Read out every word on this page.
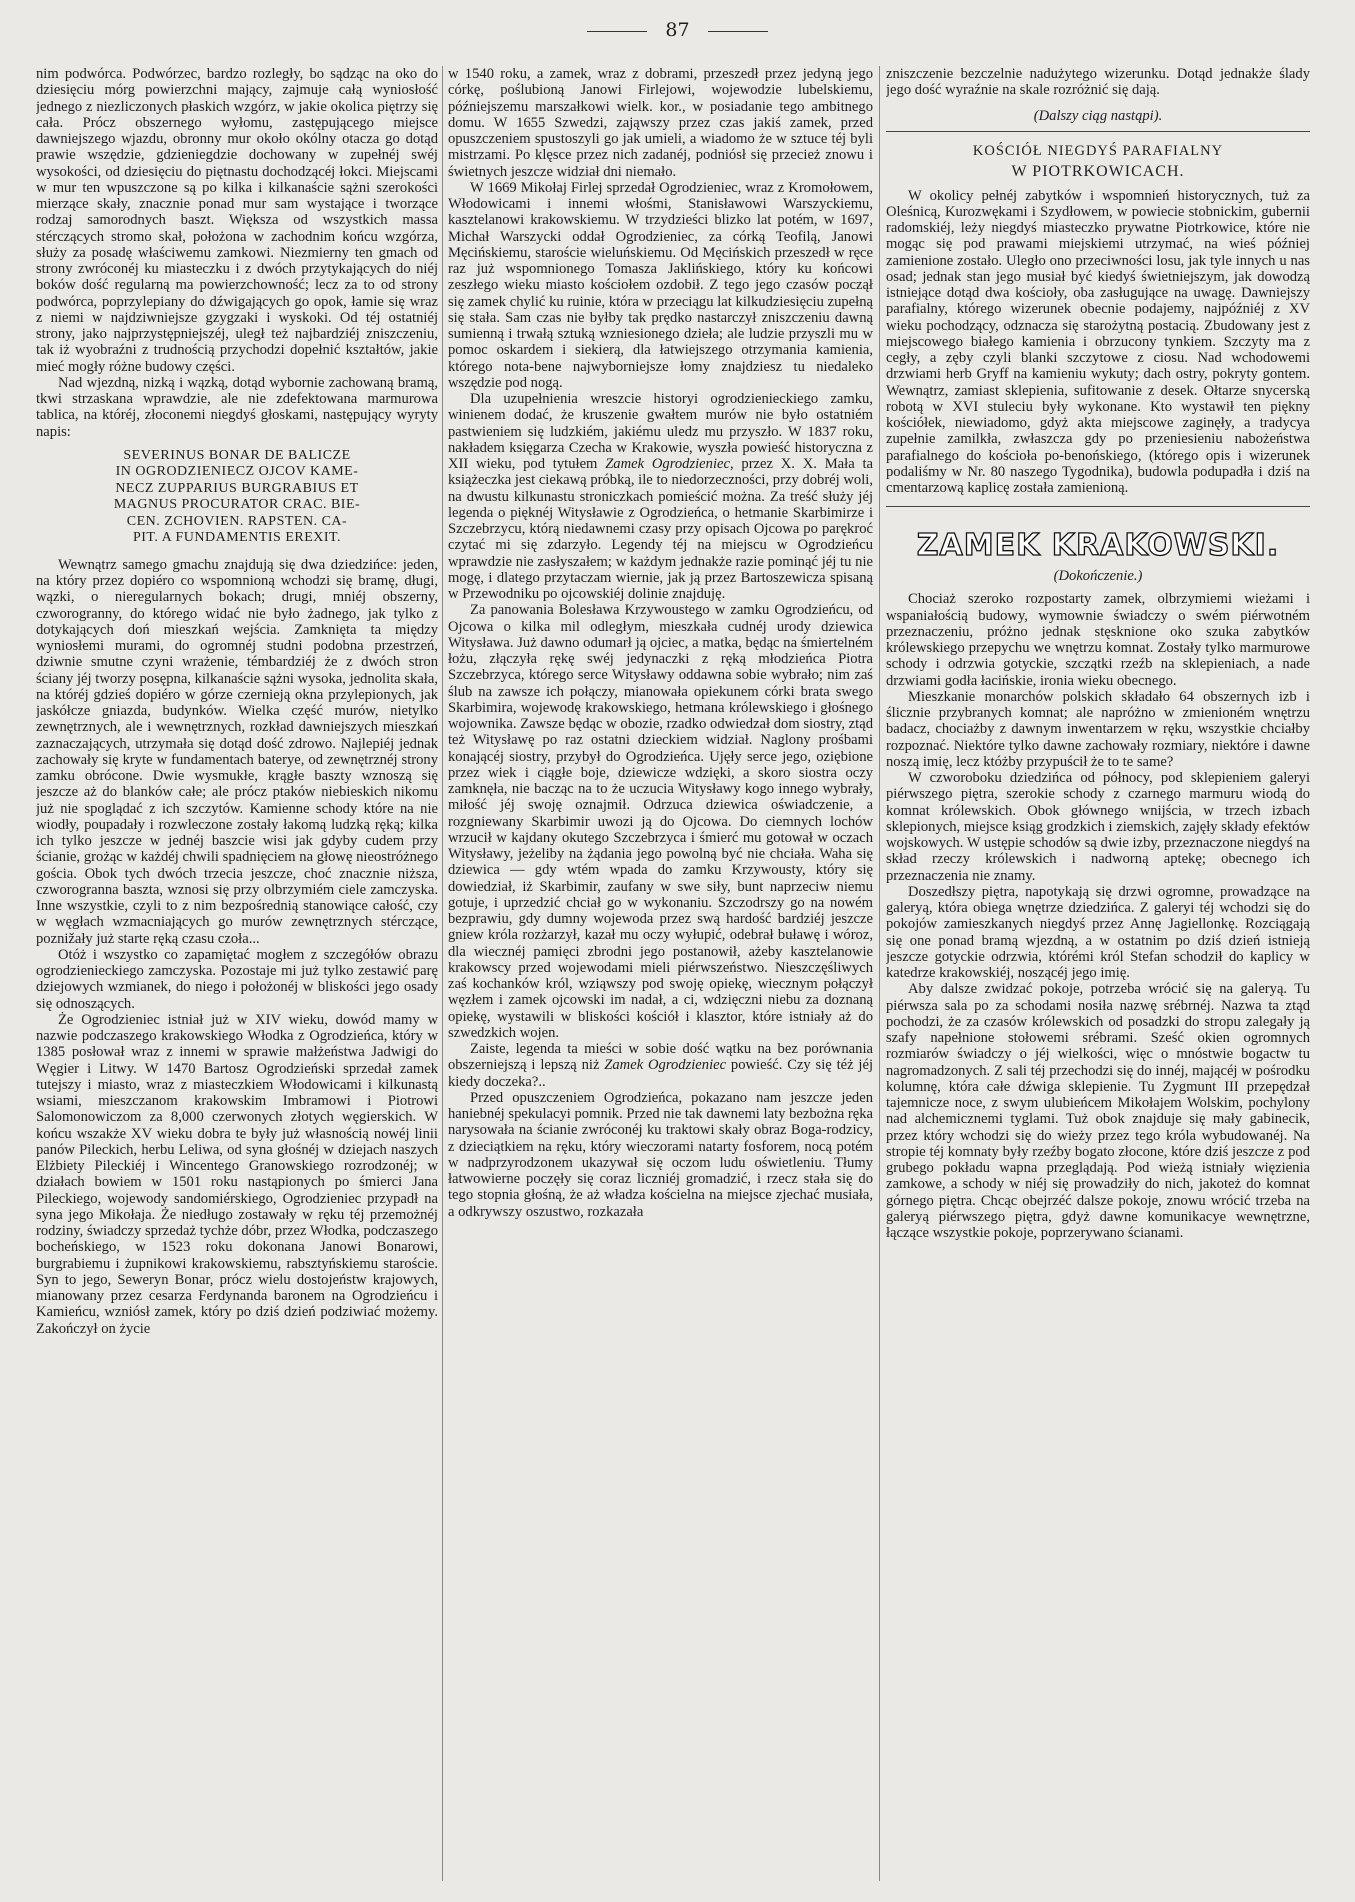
87

nim podwórca. Podwórzec, bardzo rozległy, bo sądząc na oko do dziesięciu mórg powierzchni mający, zajmuje całą wyniosłość jednego z niezliczonych płaskich wzgórz, w jakie okolica piętrzy się cała. Prócz obszernego wyłomu, zastępującego miejsce dawniejszego wjazdu, obronny mur około okólny otacza go dotąd prawie wszędzie, gdzieniegdzie dochowany w zupełnéj swéj wysokości, od dziesięciu do piętnastu dochodzącéj łokci. Miejscami w mur ten wpuszczone są po kilka i kilkanaście sążni szerokości mierzące skały, znacznie ponad mur sam wystające i tworzące rodzaj samorodnych baszt. Większa od wszystkich massa stérczących stromo skał, położona w zachodnim końcu wzgórza, służy za posadę właściwemu zamkowi. Niezmierny ten gmach od strony zwróconéj ku miasteczku i z dwóch przytykających do niéj boków dość regularną ma powierzchowność; lecz za to od strony podwórca, poprzylepiany do dźwigających go opok, łamie się wraz z niemi w najdziwniejsze gzygzaki i wyskoki. Od téj ostatniéj strony, jako najprzystępniejszéj, uległ też najbardziéj zniszczeniu, tak iż wyobraźni z trudnością przychodzi dopełnić kształtów, jakie mieć mogły różne budowy części.

Nad wjezdną, nizką i wązką, dotąd wybornie zachowaną bramą, tkwi strzaskana wprawdzie, ale nie zdefektowana marmurowa tablica, na któréj, złoconemi niegdyś głoskami, następujący wyryty napis:

SEVERINUS BONAR DE BALICZE
IN OGRODZIENIECZ OJCOV KAME-
NECZ ZUPPARIUS BURGRABIUS ET
MAGNUS PROCURATOR CRAC. BIE-
CEN. ZCHOVIEN. RAPSTEN. CA-
PIT. A FUNDAMENTIS EREXIT.

Wewnątrz samego gmachu znajdują się dwa dziedzińce: jeden, na który przez dopiéro co wspomnioną wchodzi się bramę, długi, wązki, o nieregularnych bokach; drugi, mniéj obszerny, czworogranny, do którego widać nie było żadnego, jak tylko z dotykających doń mieszkań wejścia. Zamknięta ta między wyniosłemi murami, do ogromnéj studni podobna przestrzeń, dziwnie smutne czyni wrażenie, témbardziéj że z dwóch stron ściany jéj tworzy posępna, kilkanaście sążni wysoka, jednolita skała, na któréj gdzieś dopiéro w górze czernieją okna przylepionych, jak jaskółcze gniazda, budynków. Wielka część murów, nietylko zewnętrznych, ale i wewnętrznych, rozkład dawniejszych mieszkań zaznaczających, utrzymała się dotąd dość zdrowo. Najlepiéj jednak zachowały się kryte w fundamentach baterye, od zewnętrznéj strony zamku obrócone. Dwie wysmukłe, krągłe baszty wznoszą się jeszcze aż do blanków całe; ale prócz ptaków niebieskich nikomu już nie spoglądać z ich szczytów. Kamienne schody które na nie wiodły, poupadały i rozwleczone zostały łakomą ludzką ręką; kilka ich tylko jeszcze w jednéj baszcie wisi jak gdyby cudem przy ścianie, grożąc w każdéj chwili spadnięciem na głowę nieostróżnego gościa. Obok tych dwóch trzecia jeszcze, choć znacznie niższa, czworogranna baszta, wznosi się przy olbrzymiém ciele zamczyska. Inne wszystkie, czyli to z nim bezpośrednią stanowiące całość, czy w węgłach wzmacniających go murów zewnętrznych stérczące, poznižały już starte ręką czasu czoła...

Otóż i wszystko co zapamiętać mogłem z szczegółów obrazu ogrodzienieckiego zamczyska. Pozostaje mi już tylko zestawić parę dziejowych wzmianek, do niego i położonéj w bliskości jego osady się odnoszących.

Że Ogrodzieniec istniał już w XIV wieku, dowód mamy w nazwie podczaszego krakowskiego Włodka z Ogrodzieńca, który w 1385 posłował wraz z innemi w sprawie małżeństwa Jadwigi do Węgier i Litwy. W 1470 Bartosz Ogrodzieński sprzedał zamek tutejszy i miasto, wraz z miasteczkiem Włodowicami i kilkunastą wsiami, mieszczanom krakowskim Imbramowi i Piotrowi Salomonowiczom za 8,000 czerwonych złotych węgierskich. W końcu wszakże XV wieku dobra te były już własnością nowéj linii panów Pileckich, herbu Leliwa, od syna głośnéj w dziejach naszych Elżbiety Pileckiéj i Wincentego Granowskiego rozrodzonéj; w działach bowiem w 1501 roku nastąpionych po śmierci Jana Pileckiego, wojewody sandomiérskiego, Ogrodzieniec przypadł na syna jego Mikołaja. Że niedługo zostawały w ręku téj przemożnéj rodziny, świadczy sprzedaż tychże dóbr, przez Włodka, podczaszego bocheńskiego, w 1523 roku dokonana Janowi Bonarowi, burgrabiemu i żupnikowi krakowskiemu, rabsztyńskiemu staroście. Syn to jego, Seweryn Bonar, prócz wielu dostojeństw krajowych, mianowany przez cesarza Ferdynanda baronem na Ogrodzieńcu i Kamieńcu, wzniósł zamek, który po dziś dzień podziwiać możemy. Zakończył on życie

w 1540 roku, a zamek, wraz z dobrami, przeszedł przez jedyną jego córkę, poślubioną Janowi Firlejowi, wojewodzie lubelskiemu, późniejszemu marszałkowi wielk. kor., w posiadanie tego ambitnego domu. W 1655 Szwedzi, zająwszy przez czas jakiś zamek, przed opuszczeniem spustoszyli go jak umieli, a wiadomo że w sztuce téj byli mistrzami. Po klęsce przez nich zadanéj, podniósł się przecież znowu i świetnych jeszcze widział dni niemało.

W 1669 Mikołaj Firlej sprzedał Ogrodzieniec, wraz z Kromołowem, Włodowicami i innemi włośmi, Stanisławowi Warszyckiemu, kasztelanowi krakowskiemu. W trzydzieści blizko lat potém, w 1697, Michał Warszycki oddał Ogrodzieniec, za córką Teofilą, Janowi Męcińskiemu, staroście wieluńskiemu. Od Męcińskich przeszedł w ręce raz już wspomnionego Tomasza Jaklińskiego, który ku końcowi zeszłego wieku miasto kościołem ozdobił. Z tego jego czasów począł się zamek chylić ku ruinie, która w przeciągu lat kilkudziesięciu zupełną się stała. Sam czas nie byłby tak prędko nastarczył zniszczeniu dawną sumienną i trwałą sztuką wzniesionego dzieła; ale ludzie przyszli mu w pomoc oskardem i siekierą, dla łatwiejszego otrzymania kamienia, którego nota-bene najwyborniejsze łomy znajdziesz tu niedaleko wszędzie pod nogą.

Dla uzupełnienia wreszcie historyi ogrodzienieckiego zamku, winienem dodać, że kruszenie gwałtem murów nie było ostatniém pastwieniem się ludzkiém, jakiému uledz mu przyszło. W 1837 roku, nakładem księgarza Czecha w Krakowie, wyszła powieść historyczna z XII wieku, pod tytułem Zamek Ogrodzieniec, przez X. X. Mała ta książeczka jest ciekawą próbką, ile to niedorzeczności, przy dobréj woli, na dwustu kilkunastu stroniczkach pomieścić można. Za treść służy jéj legenda o pięknéj Witysławie z Ogrodzieńca, o hetmanie Skarbimirze i Szczebrzycu, którą niedawnemi czasy przy opisach Ojcowa po parękroć czytać mi się zdarzyło. Legendy téj na miejscu w Ogrodzieńcu wprawdzie nie zasłyszałem; w każdym jednakże razie pominąć jéj tu nie mogę, i dlatego przytaczam wiernie, jak ją przez Bartoszewicza spisaną w Przewodniku po ojcowskiéj dolinie znajduję.

Za panowania Bolesława Krzywoustego w zamku Ogrodzieńcu, od Ojcowa o kilka mil odległym, mieszkała cudnéj urody dziewica Witysława. Już dawno odumarł ją ojciec, a matka, będąc na śmiertelném łożu, złączyła rękę swéj jedynaczki z ręką młodzieńca Piotra Szczebrzyca, którego serce Witysławy oddawna sobie wybrało; nim zaś ślub na zawsze ich połączy, mianowała opiekunem córki brata swego Skarbimira, wojewodę krakowskiego, hetmana królewskiego i głośnego wojownika. Zawsze będąc w obozie, rzadko odwiedzał dom siostry, ztąd też Witysławę po raz ostatni dzieckiem widział. Naglony prośbami konającéj siostry, przybył do Ogrodzieńca. Ujęły serce jego, oziębione przez wiek i ciągłe boje, dziewicze wdzięki, a skoro siostra oczy zamknęła, nie bacząc na to że uczucia Witysławy kogo innego wybrały, miłość jéj swoję oznajmił. Odrzuca dziewica oświadczenie, a rozgniewany Skarbimir uwozi ją do Ojcowa. Do ciemnych lochów wrzucił w kajdany okutego Szczebrzyca i śmierć mu gotował w oczach Witysławy, jeżeliby na żądania jego powolną być nie chciała. Waha się dziewica — gdy wtém wpada do zamku Krzywousty, który się dowiedział, iż Skarbimir, zaufany w swe siły, bunt naprzeciw niemu gotuje, i uprzedzić chciał go w wykonaniu. Szczodrszy go na nowém bezprawiu, gdy dumny wojewoda przez swą hardość bardziéj jeszcze gniew króla rozżarzył, kazał mu oczy wyłupić, odebrał buławę i wóroz, dla wiecznéj pamięci zbrodni jego postanowił, ażeby kasztelanowie krakowscy przed wojewodami mieli piérwszeństwo. Nieszczęśliwych zaś kochanków król, wziąwszy pod swoję opiekę, wiecznym połączył węzłem i zamek ojcowski im nadał, a ci, wdzięczni niebu za doznaną opiekę, wystawili w bliskości kościół i klasztor, które istniały aż do szwedzkich wojen.

Zaiste, legenda ta mieści w sobie dość wątku na bez porównania obszerniejszą i lepszą niż Zamek Ogrodzieniec powieść. Czy się téż jéj kiedy doczeka?..

Przed opuszczeniem Ogrodzieńca, pokazano nam jeszcze jeden haniebnéj spekulacyi pomnik. Przed nie tak dawnemi laty bezbożna ręka narysowała na ścianie zwróconéj ku traktowi skały obraz Boga-rodzicy, z dzieciątkiem na ręku, który wieczorami natarty fosforem, nocą potém w nadprzyrodzonem ukazywał się oczom ludu oświetleniu. Tłumy łatwowierne poczęły się coraz liczniéj gromadzić, i rzecz stała się do tego stopnia głośną, że aż władza kościelna na miejsce zjechać musiała, a odkrywszy oszustwo, rozkazała

zniszczenie bezczelnie nadużytego wizerunku. Dotąd jednakże ślady jego dość wyraźnie na skale rozróżnić się dają.

(Dalszy ciąg nastąpi).
KOŚCIÓŁ NIEGDYŚ PARAFIALNY
W PIOTRKOWICACH.

W okolicy pełnéj zabytków i wspomnień historycznych, tuż za Oleśnicą, Kurozwękami i Szydłowem, w powiecie stobnickim, gubernii radomskiéj, leży niegdyś miasteczko prywatne Piotrkowice, które nie mogąc się pod prawami miejskiemi utrzymać, na wieś później zamienione zostało. Uległo ono przeciwności losu, jak tyle innych u nas osad; jednak stan jego musiał być kiedyś świetniejszym, jak dowodzą istniejące dotąd dwa kościoły, oba zasługujące na uwagę. Dawniejszy parafialny, którego wizerunek obecnie podajemy, najpóźniéj z XV wieku pochodzący, odznacza się starożytną postacią. Zbudowany jest z miejscowego białego kamienia i obrzucony tynkiem. Szczyty ma z cegły, a zęby czyli blanki szczytowe z ciosu. Nad wchodowemi drzwiami herb Gryff na kamieniu wykuty; dach ostry, pokryty gontem. Wewnątrz, zamiast sklepienia, sufitowanie z desek. Ołtarze snycerską robotą w XVI stuleciu były wykonane. Kto wystawił ten piękny kościółek, niewiadomo, gdyż akta miejscowe zaginęły, a tradycya zupełnie zamilkła, zwłaszcza gdy po przeniesieniu nabożeństwa parafialnego do kościoła po-benońskiego, (którego opis i wizerunek podaliśmy w Nr. 80 naszego Tygodnika), budowla podupadła i dziś na cmentarzową kaplicę została zamienioną.

ZAMEK KRAKOWSKI.
(Dokończenie.)

Chociaż szeroko rozpostarty zamek, olbrzymiemi wieżami i wspaniałością budowy, wymownie świadczy o swém piérwotném przeznaczeniu, próżno jednak stęsknione oko szuka zabytków królewskiego przepychu we wnętrzu komnat. Zostały tylko marmurowe schody i odrzwia gotyckie, szczątki rzeźb na sklepieniach, a nade drzwiami godła łacińskie, ironia wieku obecnego.

Mieszkanie monarchów polskich składało 64 obszernych izb i ślicznie przybranych komnat; ale napróżno w zmienioném wnętrzu badacz, chociażby z dawnym inwentarzem w ręku, wszystkie chciałby rozpoznać. Niektóre tylko dawne zachowały rozmiary, niektóre i dawne noszą imię, lecz któżby przypuścił że to te same?

W czworoboku dziedzińca od północy, pod sklepieniem galeryi piérwszego piętra, szerokie schody z czarnego marmuru wiodą do komnat królewskich. Obok głównego wnijścia, w trzech izbach sklepionych, miejsce ksiąg grodzkich i ziemskich, zajęły składy efektów wojskowych. W ustępie schodów są dwie izby, przeznaczone niegdyś na skład rzeczy królewskich i nadworną aptekę; obecnego ich przeznaczenia nie znamy.

Doszedłszy piętra, napotykają się drzwi ogromne, prowadzące na galeryą, która obiega wnętrze dziedzińca. Z galeryi téj wchodzi się do pokojów zamieszkanych niegdyś przez Annę Jagiellonkę. Rozciągają się one ponad bramą wjezdną, a w ostatnim po dziś dzień istnieją jeszcze gotyckie odrzwia, którémi król Stefan schodził do kaplicy w katedrze krakowskiéj, noszącéj jego imię.

Aby dalsze zwidzać pokoje, potrzeba wrócić się na galeryą. Tu piérwsza sala po za schodami nosiła nazwę srébrnéj. Nazwa ta ztąd pochodzi, że za czasów królewskich od posadzki do stropu zalegały ją szafy napełnione stołowemi srébrami. Sześć okien ogromnych rozmiarów świadczy o jéj wielkości, więc o mnóstwie bogactw tu nagromadzonych. Z sali téj przechodzi się do innéj, mającéj w pośrodku kolumnę, która całe dźwiga sklepienie. Tu Zygmunt III przepędzał tajemnicze noce, z swym ulubieńcem Mikołajem Wolskim, pochylony nad alchemicznemi tyglami. Tuż obok znajduje się mały gabinecik, przez który wchodzi się do wieży przez tego króla wybudowanéj. Na stropie téj komnaty były rzeźby bogato złocone, które dziś jeszcze z pod grubego pokładu wapna przeglądają. Pod wieżą istniały więzienia zamkowe, a schody w niéj się prowadziły do nich, jakoteż do komnat górnego piętra. Chcąc obejrzéć dalsze pokoje, znowu wrócić trzeba na galeryą piérwszego piętra, gdyż dawne komunikacye wewnętrzne, łączące wszystkie pokoje, poprzerywano ścianami.
